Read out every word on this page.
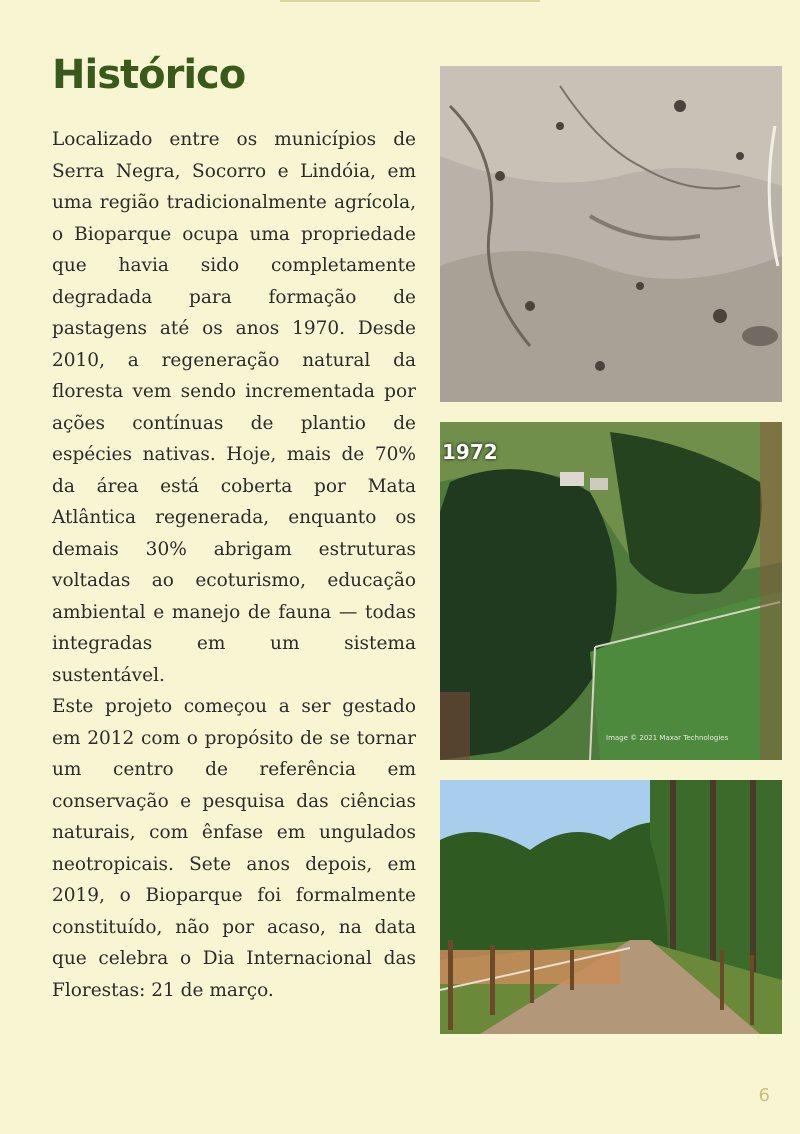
Histórico

Localizado entre os municípios de Serra Negra, Socorro e Lindóia, em uma região tradicionalmente agrícola, o Bioparque ocupa uma propriedade que havia sido completamente degradada para formação de pastagens até os anos 1970. Desde 2010, a regeneração natural da floresta vem sendo incrementada por ações contínuas de plantio de espécies nativas. Hoje, mais de 70% da área está coberta por Mata Atlântica regenerada, enquanto os demais 30% abrigam estruturas voltadas ao ecoturismo, educação ambiental e manejo de fauna — todas integradas em um sistema sustentável.

Este projeto começou a ser gestado em 2012 com o propósito de se tornar um centro de referência em conservação e pesquisa das ciências naturais, com ênfase em ungulados neotropicais. Sete anos depois, em 2019, o Bioparque foi formalmente constituído, não por acaso, na data que celebra o Dia Internacional das Florestas: 21 de março.

1972
Image © 2021 Maxar Technologies
6
